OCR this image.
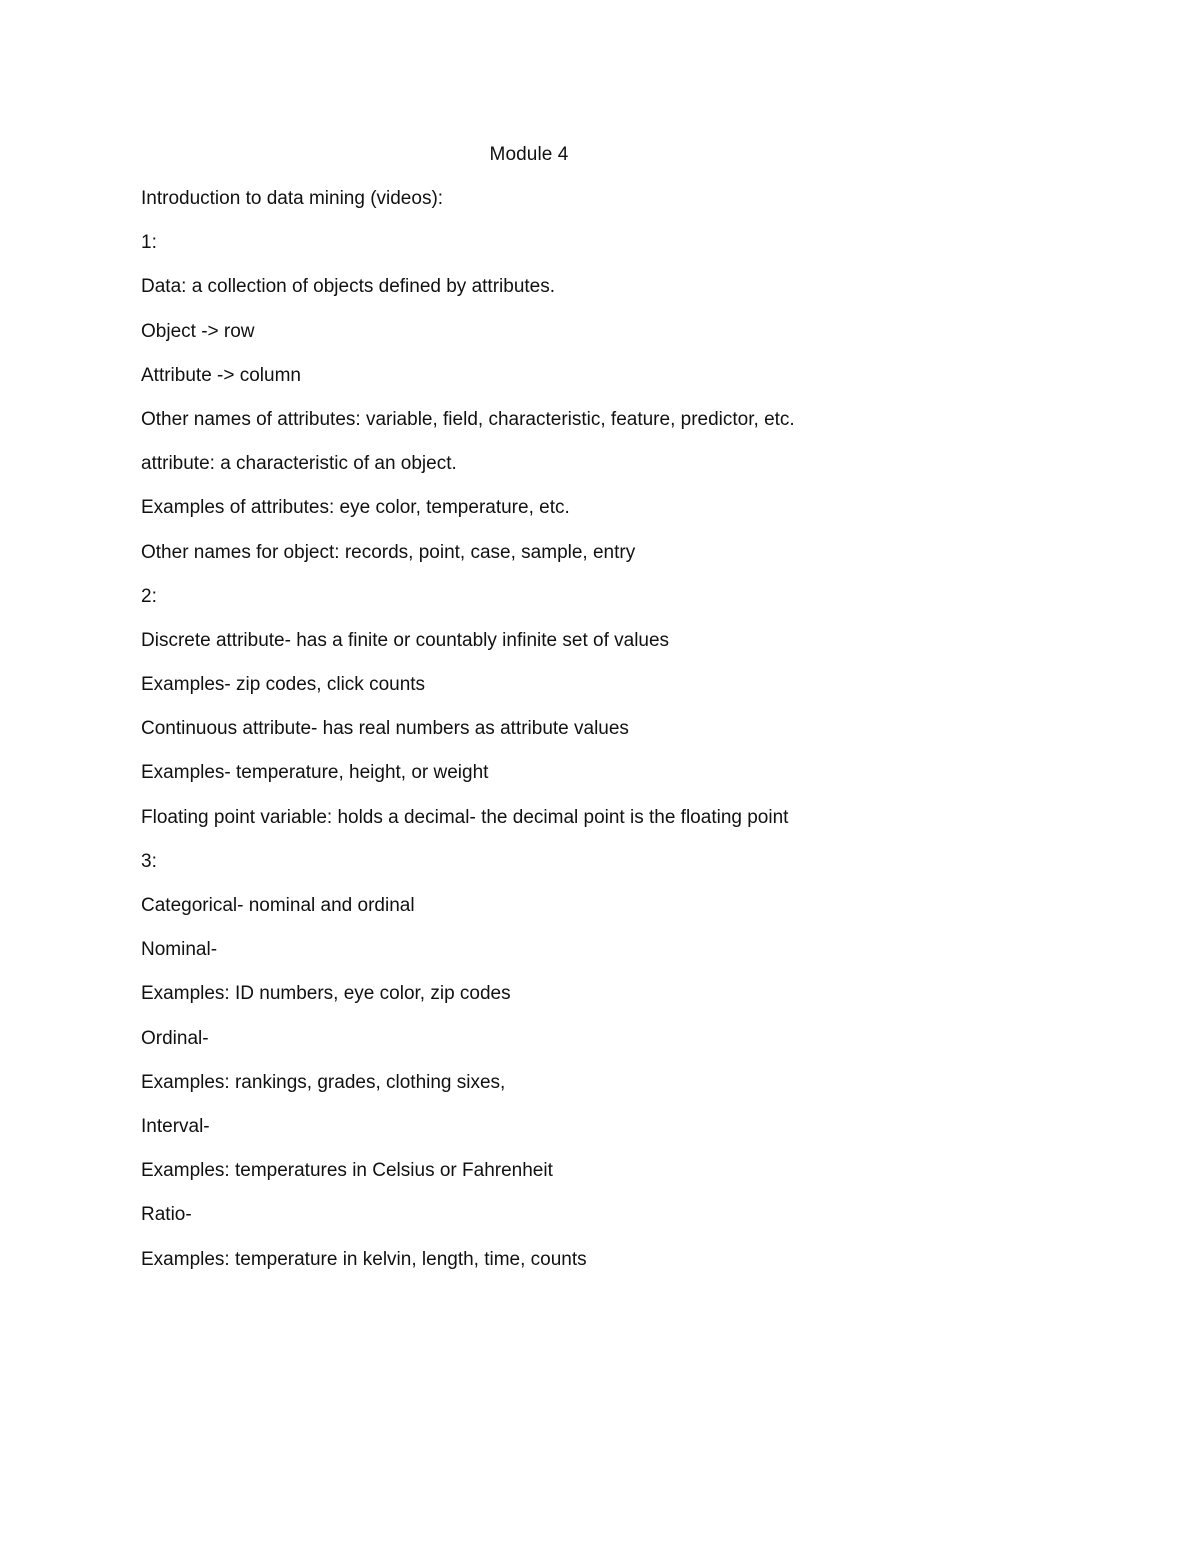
Module 4
Introduction to data mining (videos):
1:
Data: a collection of objects defined by attributes.
Object -> row
Attribute -> column
Other names of attributes: variable, field, characteristic, feature, predictor, etc.
attribute: a characteristic of an object.
Examples of attributes: eye color, temperature, etc.
Other names for object: records, point, case, sample, entry
2:
Discrete attribute- has a finite or countably infinite set of values
Examples- zip codes, click counts
Continuous attribute- has real numbers as attribute values
Examples- temperature, height, or weight
Floating point variable: holds a decimal- the decimal point is the floating point
3:
Categorical- nominal and ordinal
Nominal-
Examples: ID numbers, eye color, zip codes
Ordinal-
Examples: rankings, grades, clothing sixes,
Interval-
Examples: temperatures in Celsius or Fahrenheit
Ratio-
Examples: temperature in kelvin, length, time, counts
